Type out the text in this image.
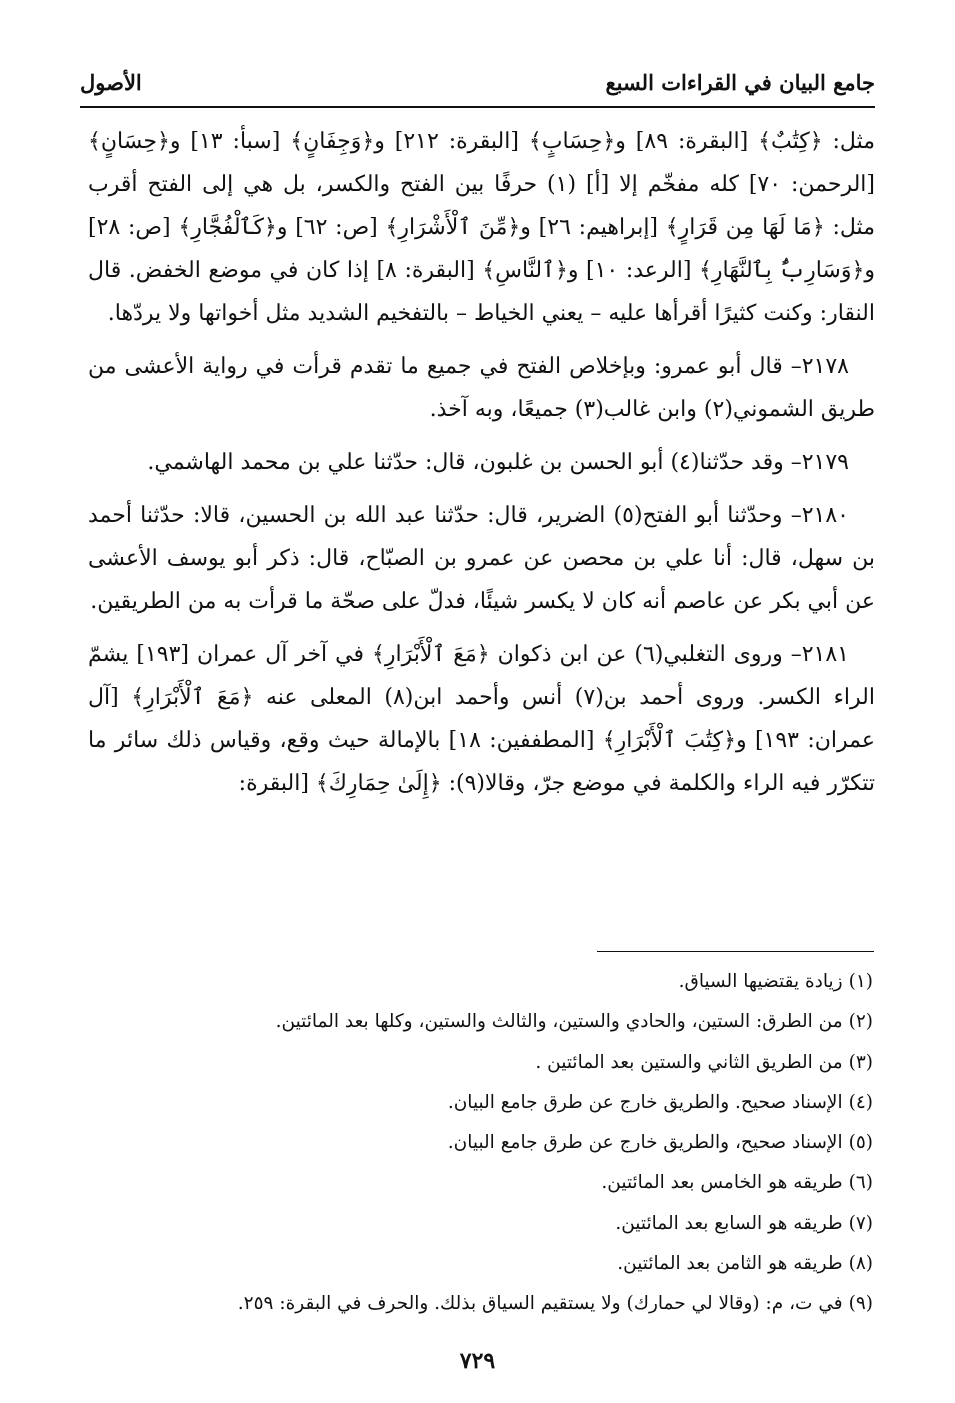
جامع البيان في القراءات السبع
الأصول

مثل: ﴿كِتَٰبٌ﴾ [البقرة: ٨٩] و﴿حِسَابٍ﴾ [البقرة: ٢١٢] و﴿وَجِفَانٍ﴾ [سبأ: ١٣] و﴿حِسَانٍ﴾ [الرحمن: ٧٠] كله مفخّم إلا [أ] (١) حرفًا بين الفتح والكسر، بل هي إلى الفتح أقرب مثل: ﴿مَا لَهَا مِن قَرَارٍ﴾ [إبراهيم: ٢٦] و﴿مِّنَ ٱلْأَشْرَارِ﴾ [ص: ٦٢] و﴿كَٱلْفُجَّارِ﴾ [ص: ٢٨] و﴿وَسَارِبٌۢ بِٱلنَّهَارِ﴾ [الرعد: ١٠] و﴿ٱلنَّاسِ﴾ [البقرة: ٨] إذا كان في موضع الخفض. قال النقار: وكنت كثيرًا أقرأها عليه – يعني الخياط – بالتفخيم الشديد مثل أخواتها ولا يردّها.

٢١٧٨– قال أبو عمرو: وبإخلاص الفتح في جميع ما تقدم قرأت في رواية الأعشى من طريق الشموني(٢) وابن غالب(٣) جميعًا، وبه آخذ.

٢١٧٩– وقد حدّثنا(٤) أبو الحسن بن غلبون، قال: حدّثنا علي بن محمد الهاشمي.

٢١٨٠– وحدّثنا أبو الفتح(٥) الضرير، قال: حدّثنا عبد الله بن الحسين، قالا: حدّثنا أحمد بن سهل، قال: أنا علي بن محصن عن عمرو بن الصبّاح، قال: ذكر أبو يوسف الأعشى عن أبي بكر عن عاصم أنه كان لا يكسر شيئًا، فدلّ على صحّة ما قرأت به من الطريقين.

٢١٨١– وروى التغلبي(٦) عن ابن ذكوان ﴿مَعَ ٱلْأَبْرَارِ﴾ في آخر آل عمران [١٩٣] يشمّ الراء الكسر. وروى أحمد بن(٧) أنس وأحمد ابن(٨) المعلى عنه ﴿مَعَ ٱلْأَبْرَارِ﴾ [آل عمران: ١٩٣] و﴿كِتَٰبَ ٱلْأَبْرَارِ﴾ [المطففين: ١٨] بالإمالة حيث وقع، وقياس ذلك سائر ما تتكرّر فيه الراء والكلمة في موضع جرّ، وقالا(٩): ﴿إِلَىٰ حِمَارِكَ﴾ [البقرة:

(١)زيادة يقتضيها السياق.
(٢)من الطرق: الستين، والحادي والستين، والثالث والستين، وكلها بعد المائتين.
(٣)من الطريق الثاني والستين بعد المائتين .
(٤)الإسناد صحيح. والطريق خارج عن طرق جامع البيان.
(٥)الإسناد صحيح، والطريق خارج عن طرق جامع البيان.
(٦)طريقه هو الخامس بعد المائتين.
(٧)طريقه هو السابع بعد المائتين.
(٨)طريقه هو الثامن بعد المائتين.
(٩)في ت، م: (وقالا لي حمارك) ولا يستقيم السياق بذلك. والحرف في البقرة: ٢٥٩.
٧٢٩
